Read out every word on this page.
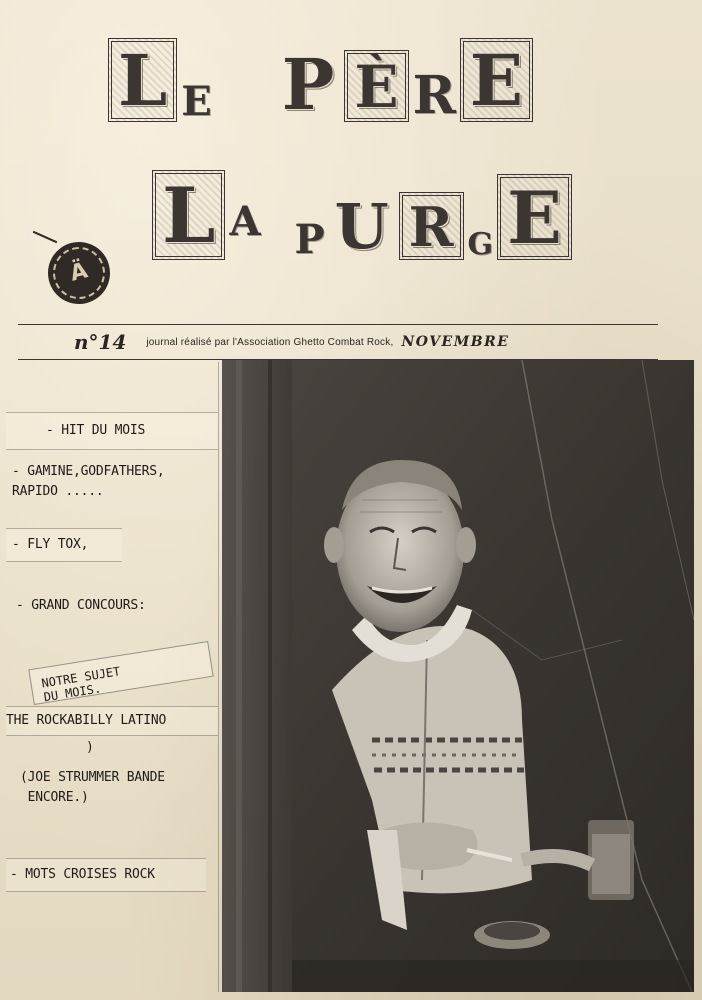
L E P È R E
L A P U R G E
Ä
n°14 journal réalisé par l'Association Ghetto Combat Rock, NOVEMBRE
- HIT DU MOIS
- GAMINE,GODFATHERS,
RAPIDO .....
- FLY TOX,
- GRAND CONCOURS:
NOTRE SUJET
DU MOIS.
THE ROCKABILLY LATINO
)
(JOE STRUMMER BANDE
ENCORE.)
- MOTS CROISES ROCK
